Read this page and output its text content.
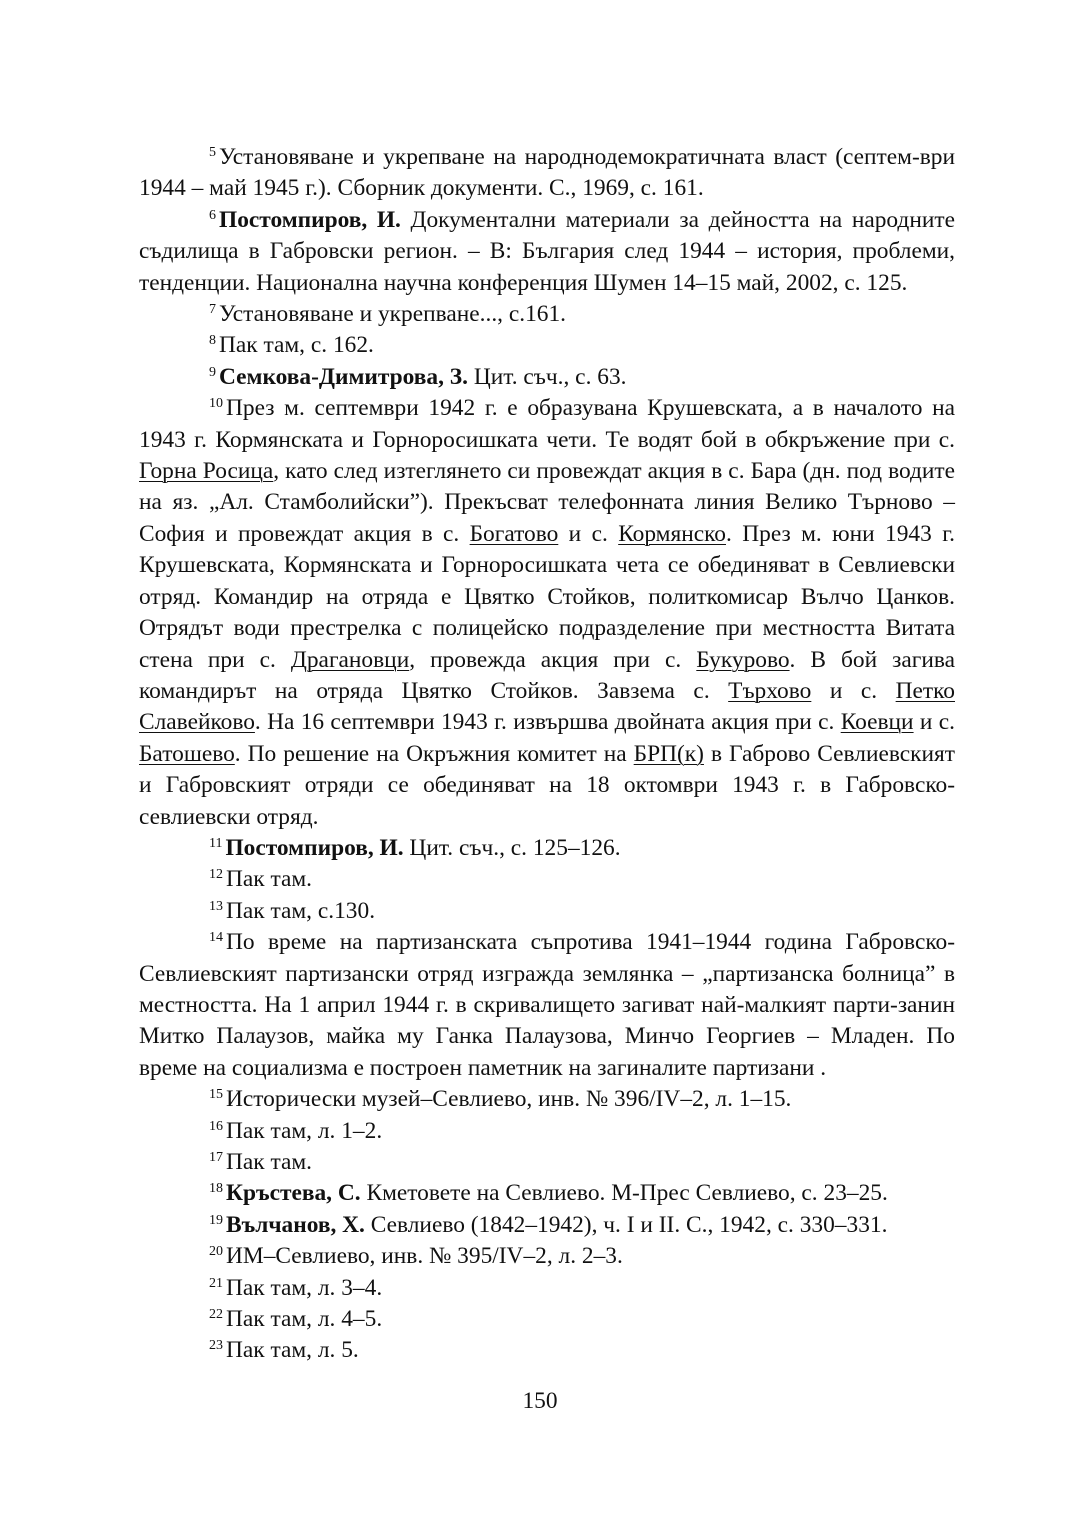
$^5$ Установяване и укрепване на народнодемократичната власт (септем-ври 1944 – май 1945 г.). Сборник документи. С., 1969, с. 161.

$^6$ Постомпиров, И. Документални материали за дейността на народните съдилища в Габровски регион. – В: България след 1944 – история, проблеми, тенденции. Национална научна конференция Шумен 14–15 май, 2002, с. 125.

$^7$ Установяване и укрепване..., с.161.

$^8$ Пак там, с. 162.

$^9$ Семкова-Димитрова, З. Цит. съч., с. 63.

$^{10}$ През м. септември 1942 г. е образувана Крушевската, а в началото на 1943 г. Кормянската и Горноросишката чети. Те водят бой в обкръжение при с. Горна Росица, като след изтеглянето си провеждат акция в с. Бара (дн. под водите на яз. „Ал. Стамболийски”). Прекъсват телефонната линия Велико Търново – София и провеждат акция в с. Богатово и с. Кормянско. През м. юни 1943 г. Крушевската, Кормянската и Горноросишката чета се обединяват в Севлиевски отряд. Командир на отряда е Цвятко Стойков, политкомисар Вълчо Цанков. Отрядът води престрелка с полицейско подразделение при местността Витата стена при с. Драгановци, провежда акция при с. Букурово. В бой загива командирът на отряда Цвятко Стойков. Завзема с. Търхово и с. Петко Славейково. На 16 септември 1943 г. извършва двойната акция при с. Коевци и с. Батошево. По решение на Окръжния комитет на БРП(к) в Габрово Севлиевският и Габровският отряди се обединяват на 18 октомври 1943 г. в Габровско-севлиевски отряд.

$^{11}$ Постомпиров, И. Цит. съч., с. 125–126.

$^{12}$ Пак там.

$^{13}$ Пак там, с.130.

$^{14}$ По време на партизанската съпротива 1941–1944 година Габровско-Севлиевският партизански отряд изгражда землянка – „партизанска болница” в местността. На 1 април 1944 г. в скривалището загиват най-малкият парти-занин Митко Палаузов, майка му Ганка Палаузова, Минчо Георгиев – Младен. По време на социализма е построен паметник на загиналите партизани .

$^{15}$ Исторически музей–Севлиево, инв. № 396/IV–2, л. 1–15.

$^{16}$ Пак там, л. 1–2.

$^{17}$ Пак там.

$^{18}$ Кръстева, С. Кметовете на Севлиево. М-Прес Севлиево, с. 23–25.

$^{19}$ Вълчанов, Х. Севлиево (1842–1942), ч. I и II. С., 1942, с. 330–331.

$^{20}$ ИМ–Севлиево, инв. № 395/IV–2, л. 2–3.

$^{21}$ Пак там, л. 3–4.

$^{22}$ Пак там, л. 4–5.

$^{23}$ Пак там, л. 5.

150
